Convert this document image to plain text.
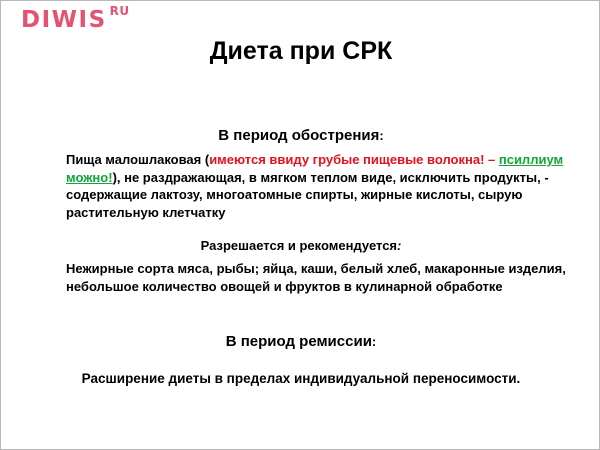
DIWIS $^{RU}$
Диета при СРК
В период обострения:
Пища малошлаковая (имеются ввиду грубые пищевые волокна! – псиллиум можно!), не раздражающая, в мягком теплом виде, исключить продукты, - содержащие лактозу, многоатомные спирты, жирные кислоты, сырую растительную клетчатку
Разрешается и рекомендуется:
Нежирные сорта мяса, рыбы; яйца, каши, белый хлеб, макаронные изделия, небольшое количество овощей и фруктов в кулинарной обработке
В период ремиссии:
Расширение диеты в пределах индивидуальной переносимости.
